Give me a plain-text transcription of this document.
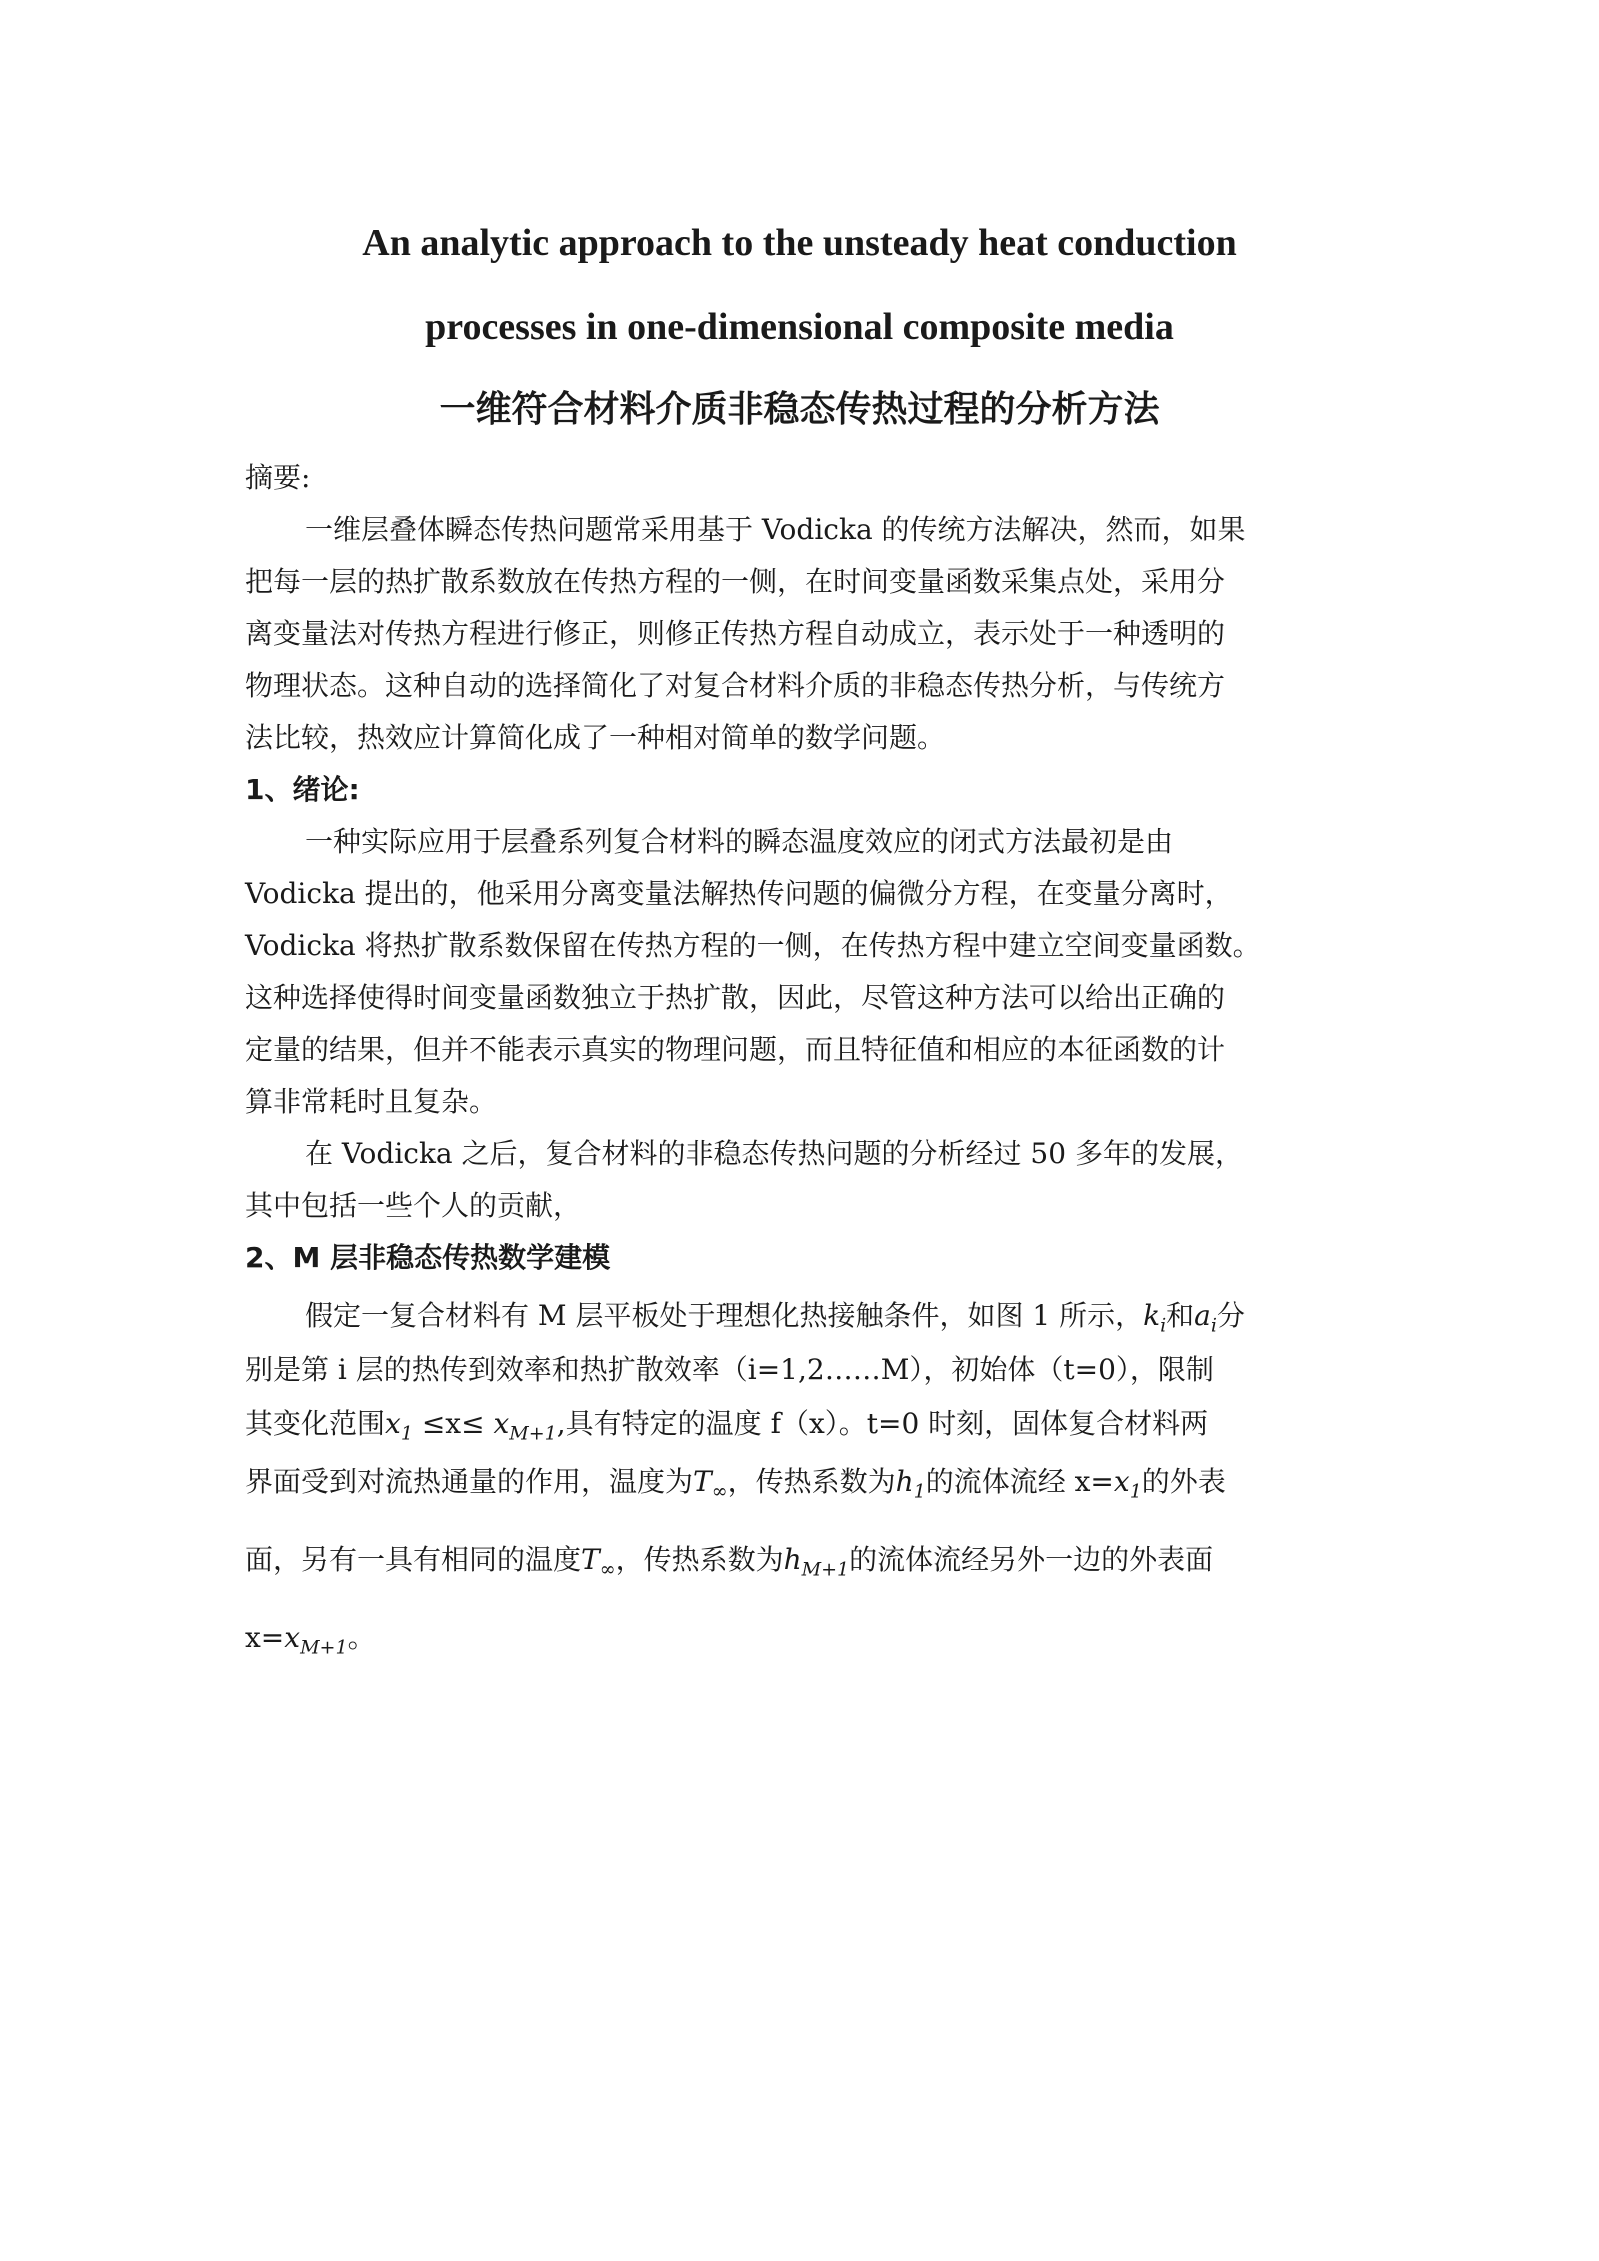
An analytic approach to the unsteady heat conduction
processes in one-dimensional composite media
一维符合材料介质非稳态传热过程的分析方法
摘要:
一维层叠体瞬态传热问题常采用基于 Vodicka 的传统方法解决，然而，如果
把每一层的热扩散系数放在传热方程的一侧，在时间变量函数采集点处，采用分
离变量法对传热方程进行修正，则修正传热方程自动成立，表示处于一种透明的
物理状态。这种自动的选择简化了对复合材料介质的非稳态传热分析，与传统方
法比较，热效应计算简化成了一种相对简单的数学问题。
1、绪论:
一种实际应用于层叠系列复合材料的瞬态温度效应的闭式方法最初是由
Vodicka 提出的，他采用分离变量法解热传问题的偏微分方程，在变量分离时，
Vodicka 将热扩散系数保留在传热方程的一侧，在传热方程中建立空间变量函数。
这种选择使得时间变量函数独立于热扩散，因此，尽管这种方法可以给出正确的
定量的结果，但并不能表示真实的物理问题，而且特征值和相应的本征函数的计
算非常耗时且复杂。
在 Vodicka 之后，复合材料的非稳态传热问题的分析经过 50 多年的发展，
其中包括一些个人的贡献，
2、M 层非稳态传热数学建模
假定一复合材料有 M 层平板处于理想化热接触条件，如图 1 所示，$k_i$和$a_i$分
别是第 i 层的热传到效率和热扩散效率（i=1,2……M），初始体（t=0），限制
其变化范围$x_1 \le x\le x_{M+1}$,具有特定的温度 f（x）。t=0 时刻，固体复合材料两
界面受到对流热通量的作用，温度为$T_\infty$，传热系数为$h_1$的流体流经 $x=x_1$的外表
面，另有一具有相同的温度$T_\infty$，传热系数为$h_{M+1}$的流体流经另外一边的外表面
$x=x_{M+1}$。
